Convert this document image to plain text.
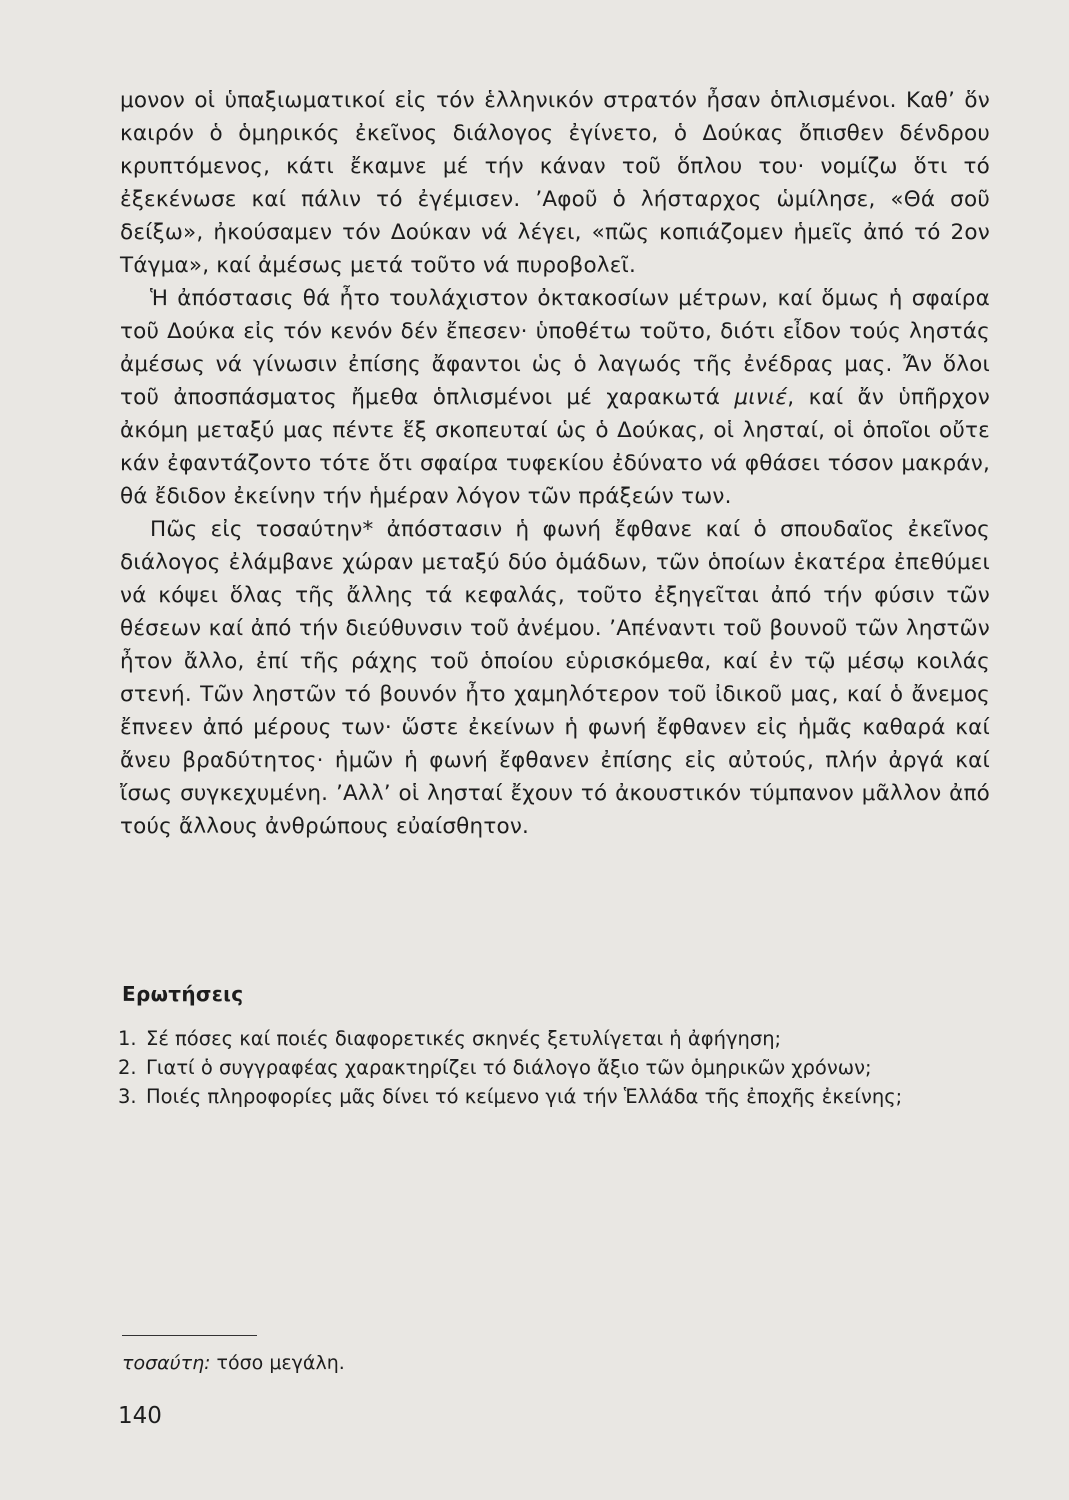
μονον οἱ ὑπαξιωματικοί εἰς τόν ἑλληνικόν στρατόν ἦσαν ὁπλισμένοι. Καθ’ ὅν καιρόν ὁ ὁμηρικός ἐκεῖνος διάλογος ἐγίνετο, ὁ Δούκας ὄπισθεν δένδρου κρυπτόμενος, κάτι ἔκαμνε μέ τήν κάναν τοῦ ὅπλου του· νομίζω ὅτι τό ἐξεκένωσε καί πάλιν τό ἐγέμισεν. ’Αφοῦ ὁ λήσταρχος ὡμίλησε, «Θά σοῦ δείξω», ἠκούσαμεν τόν Δούκαν νά λέγει, «πῶς κοπιάζομεν ἡμεῖς ἀπό τό 2ον Τάγμα», καί ἀμέσως μετά τοῦτο νά πυροβολεῖ.

Ἡ ἀπόστασις θά ἦτο τουλάχιστον ὀκτακοσίων μέτρων, καί ὅμως ἡ σφαίρα τοῦ Δούκα εἰς τόν κενόν δέν ἔπεσεν· ὑποθέτω τοῦτο, διότι εἶδον τούς ληστάς ἀμέσως νά γίνωσιν ἐπίσης ἄφαντοι ὡς ὁ λαγωός τῆς ἐνέδρας μας. Ἄν ὅλοι τοῦ ἀποσπάσματος ἤμεθα ὁπλισμένοι μέ χαρακωτά μινιέ, καί ἄν ὑπῆρχον ἀκόμη μεταξύ μας πέντε ἕξ σκοπευταί ὡς ὁ Δούκας, οἱ λησταί, οἱ ὁποῖοι οὔτε κάν ἐφαντάζοντο τότε ὅτι σφαίρα τυφεκίου ἐδύνατο νά φθάσει τόσον μακράν, θά ἔδιδον ἐκείνην τήν ἡμέραν λόγον τῶν πράξεών των.

Πῶς εἰς τοσαύτην* ἀπόστασιν ἡ φωνή ἔφθανε καί ὁ σπουδαῖος ἐκεῖνος διάλογος ἐλάμβανε χώραν μεταξύ δύο ὁμάδων, τῶν ὁποίων ἑκατέρα ἐπεθύμει νά κόψει ὅλας τῆς ἄλλης τά κεφαλάς, τοῦτο ἐξηγεῖται ἀπό τήν φύσιν τῶν θέσεων καί ἀπό τήν διεύθυνσιν τοῦ ἀνέμου. ’Απέναντι τοῦ βουνοῦ τῶν ληστῶν ἦτον ἄλλο, ἐπί τῆς ράχης τοῦ ὁποίου εὑρισκόμεθα, καί ἐν τῷ μέσῳ κοιλάς στενή. Τῶν ληστῶν τό βουνόν ἦτο χαμηλότερον τοῦ ἰδικοῦ μας, καί ὁ ἄνεμος ἔπνεεν ἀπό μέρους των· ὥστε ἐκείνων ἡ φωνή ἔφθανεν εἰς ἡμᾶς καθαρά καί ἄνευ βραδύτητος· ἡμῶν ἡ φωνή ἔφθανεν ἐπίσης εἰς αὐτούς, πλήν ἀργά καί ἴσως συγκεχυμένη. ’Αλλ’ οἱ λησταί ἔχουν τό ἀκουστικόν τύμπανον μᾶλλον ἀπό τούς ἄλλους ἀνθρώπους εὐαίσθητον.

Ερωτήσεις
1. Σέ πόσες καί ποιές διαφορετικές σκηνές ξετυλίγεται ἡ ἀφήγηση;
2. Γιατί ὁ συγγραφέας χαρακτηρίζει τό διάλογο ἄξιο τῶν ὁμηρικῶν χρόνων;
3. Ποιές πληροφορίες μᾶς δίνει τό κείμενο γιά τήν Ἑλλάδα τῆς ἐποχῆς ἐκείνης;
τοσαύτη: τόσο μεγάλη.
140
